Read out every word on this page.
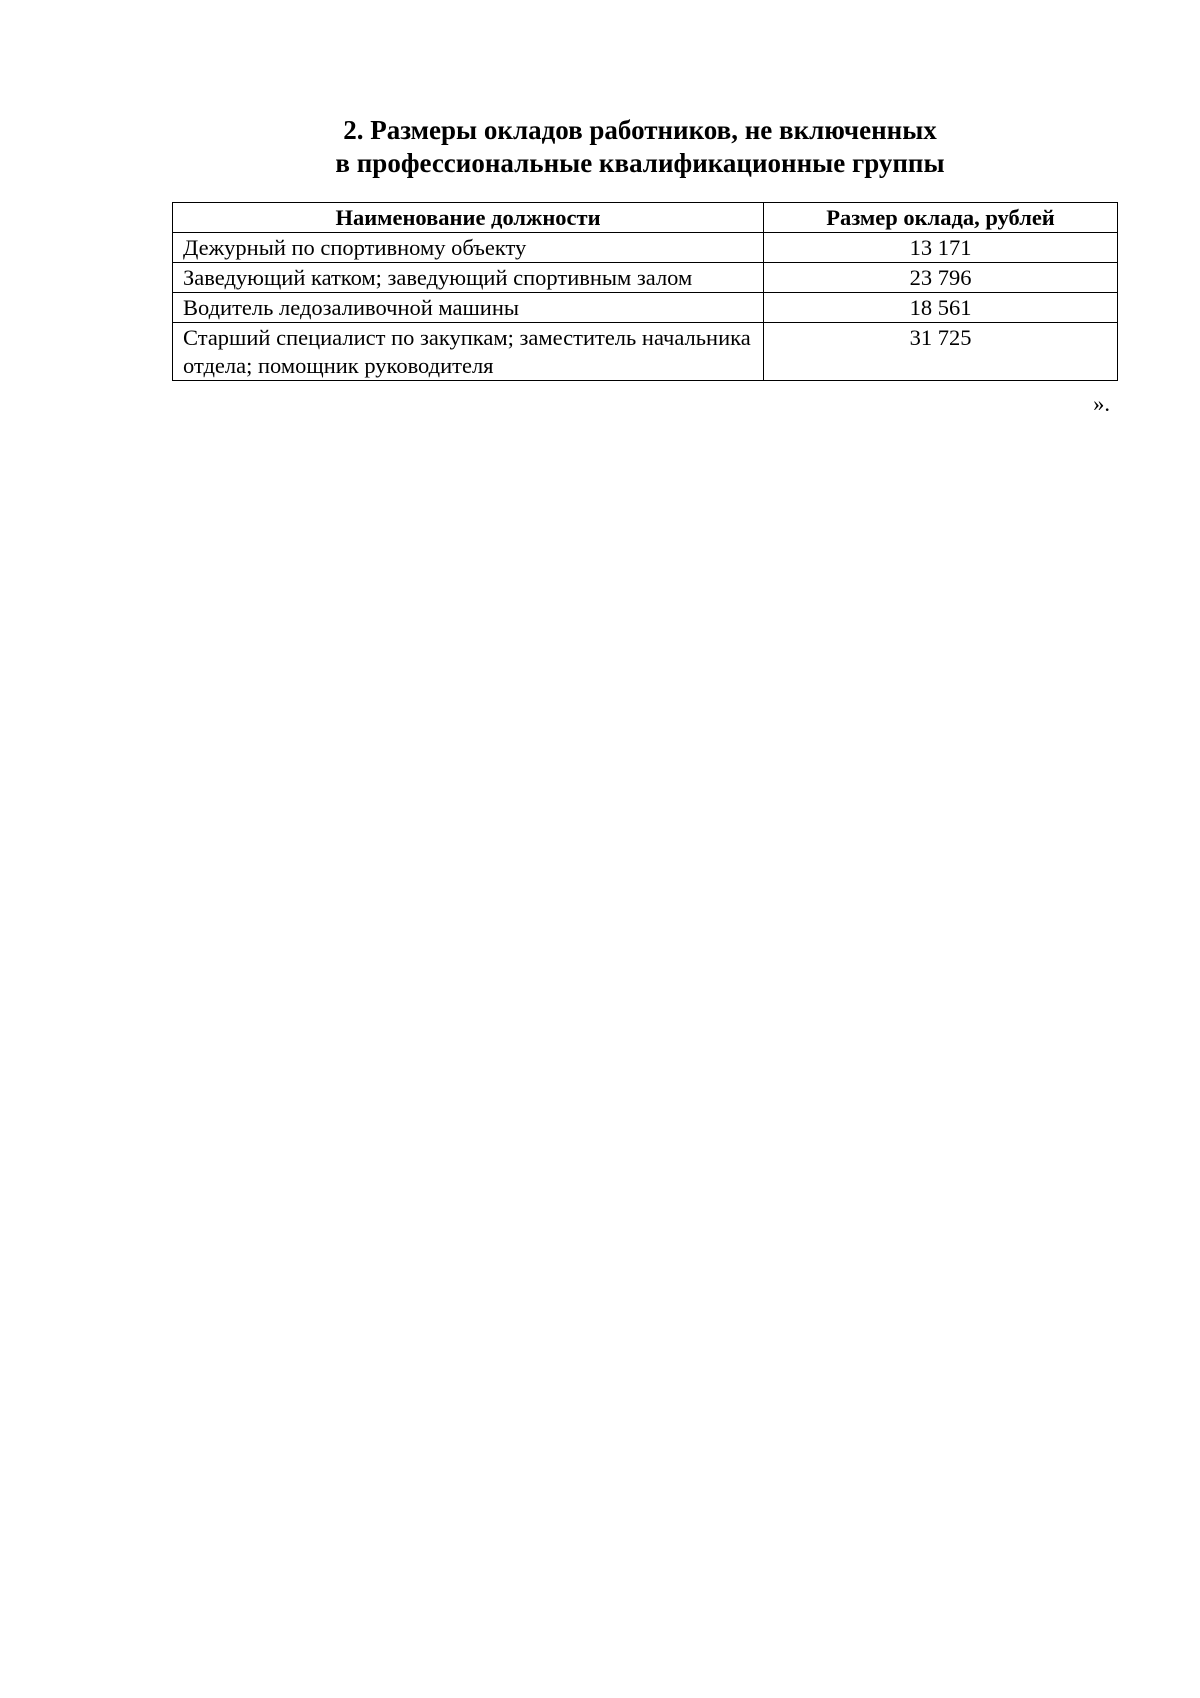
2. Размеры окладов работников, не включенных
в профессиональные квалификационные группы
Наименование должности	Размер оклада, рублей
Дежурный по спортивному объекту	13 171
Заведующий катком; заведующий спортивным залом	23 796
Водитель ледозаливочной машины	18 561
Старший специалист по закупкам; заместитель начальника отдела; помощник руководителя	31 725
».
